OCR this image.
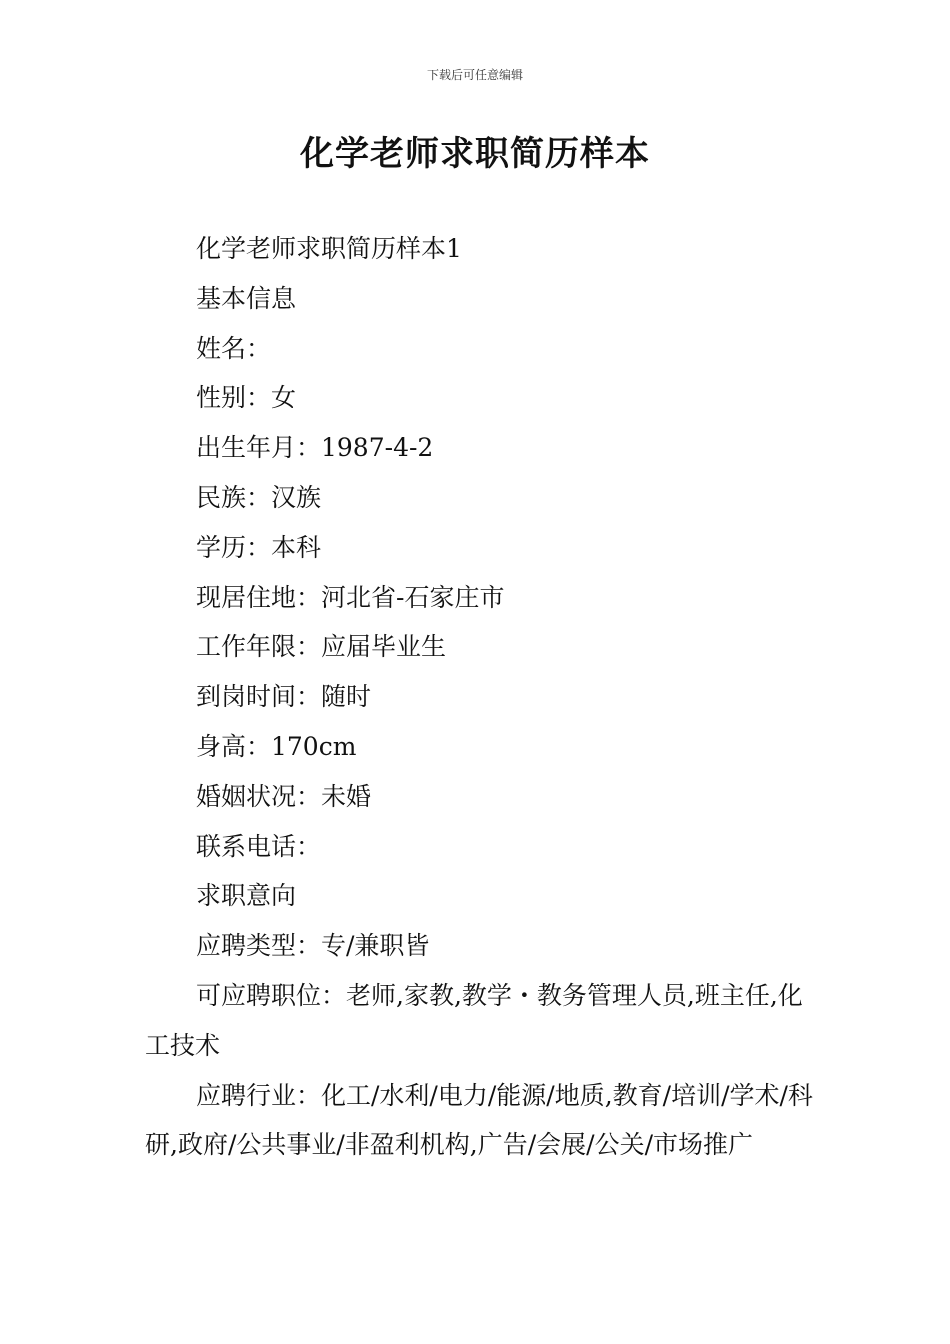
下载后可任意编辑
化学老师求职简历样本

化学老师求职简历样本1

基本信息

姓名：

性别：女

出生年月：1987-4-2

民族：汉族

学历：本科

现居住地：河北省-石家庄市

工作年限：应届毕业生

到岗时间：随时

身高：170cm

婚姻状况：未婚

联系电话：

求职意向

应聘类型：专/兼职皆

可应聘职位：老师,家教,教学・教务管理人员,班主任,化工技术

应聘行业：化工/水利/电力/能源/地质,教育/培训/学术/科研,政府/公共事业/非盈利机构,广告/会展/公关/市场推广
